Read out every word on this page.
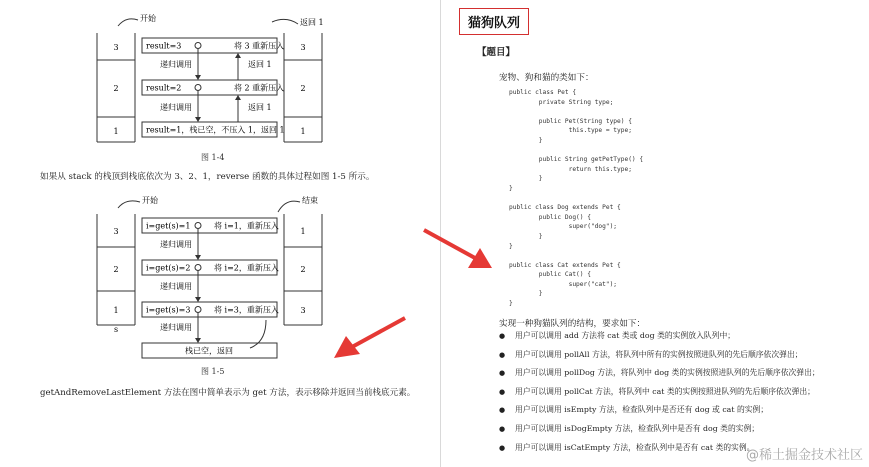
3
2
1
3
2
1
开始	返回 1
result=3	将 3 重新压入
result=2	将 2 重新压入
result=1，栈已空，不压入 1，返回 1
递归调用
递归调用
返回 1
返回 1
图 1-4
如果从 stack 的栈顶到栈底依次为 3、2、1，reverse 函数的具体过程如图 1-5 所示。
3
2
1
1
2
3
开始	结束
i=get(s)=1	将 i=1，重新压入
i=get(s)=2	将 i=2，重新压入
i=get(s)=3	将 i=3，重新压入
递归调用
递归调用
递归调用
s
栈已空，返回
图 1-5
getAndRemoveLastElement 方法在图中简单表示为 get 方法，表示移除并返回当前栈底元素。
猫狗队列
【题目】
宠物、狗和猫的类如下：
public class Pet {
private String type;

public Pet(String type) {
this.type = type;
}

public String getPetType() {
return this.type;
}
}

public class Dog extends Pet {
public Dog() {
super("dog");
}
}

public class Cat extends Pet {
public Cat() {
super("cat");
}
}

实现一种狗猫队列的结构，要求如下：
● 用户可以调用 add 方法将 cat 类或 dog 类的实例放入队列中；
● 用户可以调用 pollAll 方法，将队列中所有的实例按照进队列的先后顺序依次弹出；
● 用户可以调用 pollDog 方法，将队列中 dog 类的实例按照进队列的先后顺序依次弹出；
● 用户可以调用 pollCat 方法，将队列中 cat 类的实例按照进队列的先后顺序依次弹出；
● 用户可以调用 isEmpty 方法，检查队列中是否还有 dog 或 cat 的实例；
● 用户可以调用 isDogEmpty 方法，检查队列中是否有 dog 类的实例；
● 用户可以调用 isCatEmpty 方法，检查队列中是否有 cat 类的实例。
@稀土掘金技术社区
